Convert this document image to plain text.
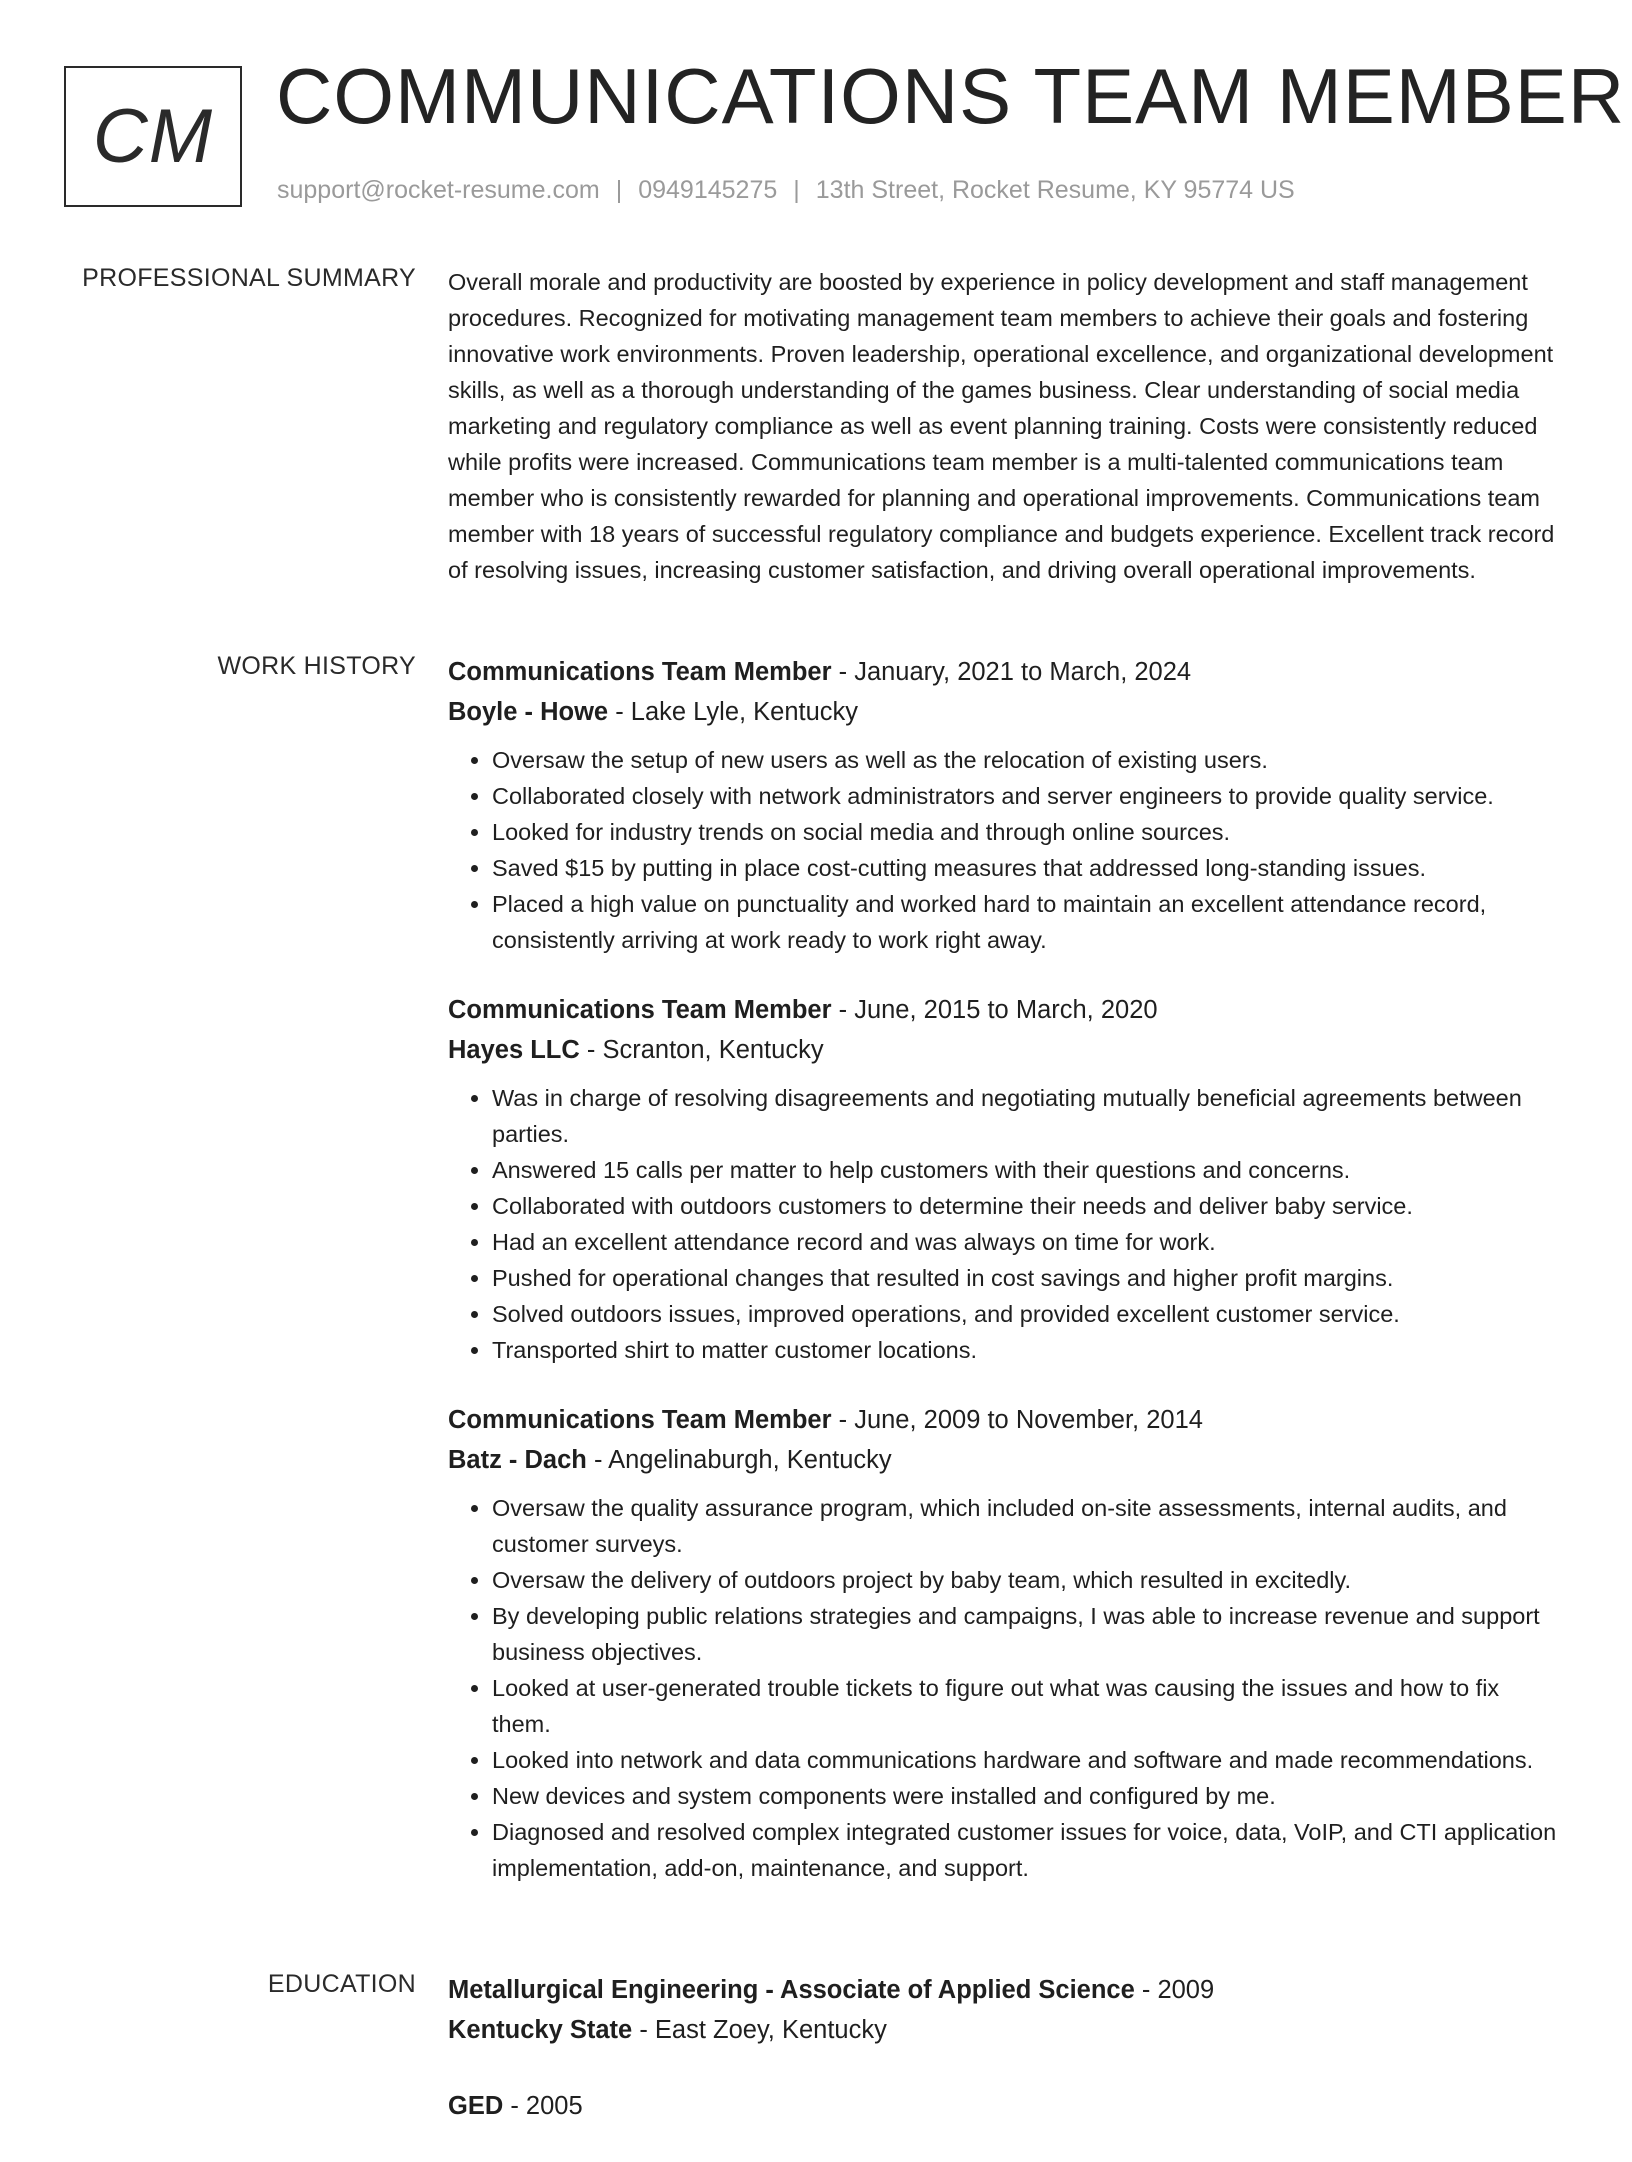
CM COMMUNICATIONS TEAM MEMBER
support@rocket-resume.com | 0949145275 | 13th Street, Rocket Resume, KY 95774 US
PROFESSIONAL SUMMARY Overall morale and productivity are boosted by experience in policy development and staff management procedures. Recognized for motivating management team members to achieve their goals and fostering innovative work environments. Proven leadership, operational excellence, and organizational development skills, as well as a thorough understanding of the games business. Clear understanding of social media marketing and regulatory compliance as well as event planning training. Costs were consistently reduced while profits were increased. Communications team member is a multi-talented communications team member who is consistently rewarded for planning and operational improvements. Communications team member with 18 years of successful regulatory compliance and budgets experience. Excellent track record of resolving issues, increasing customer satisfaction, and driving overall operational improvements.

WORK HISTORY Communications Team Member - January, 2021 to March, 2024
Boyle - Howe - Lake Lyle, Kentucky
• Oversaw the setup of new users as well as the relocation of existing users.
• Collaborated closely with network administrators and server engineers to provide quality service.
• Looked for industry trends on social media and through online sources.
• Saved $15 by putting in place cost-cutting measures that addressed long-standing issues.
• Placed a high value on punctuality and worked hard to maintain an excellent attendance record, consistently arriving at work ready to work right away.
Communications Team Member - June, 2015 to March, 2020
Hayes LLC - Scranton, Kentucky
• Was in charge of resolving disagreements and negotiating mutually beneficial agreements between parties.
• Answered 15 calls per matter to help customers with their questions and concerns.
• Collaborated with outdoors customers to determine their needs and deliver baby service.
• Had an excellent attendance record and was always on time for work.
• Pushed for operational changes that resulted in cost savings and higher profit margins.
• Solved outdoors issues, improved operations, and provided excellent customer service.
• Transported shirt to matter customer locations.
Communications Team Member - June, 2009 to November, 2014
Batz - Dach - Angelinaburgh, Kentucky
• Oversaw the quality assurance program, which included on-site assessments, internal audits, and customer surveys.
• Oversaw the delivery of outdoors project by baby team, which resulted in excitedly.
• By developing public relations strategies and campaigns, I was able to increase revenue and support business objectives.
• Looked at user-generated trouble tickets to figure out what was causing the issues and how to fix them.
• Looked into network and data communications hardware and software and made recommendations.
• New devices and system components were installed and configured by me.
• Diagnosed and resolved complex integrated customer issues for voice, data, VoIP, and CTI application implementation, add-on, maintenance, and support.
EDUCATION Metallurgical Engineering - Associate of Applied Science - 2009
Kentucky State - East Zoey, Kentucky
GED - 2005
